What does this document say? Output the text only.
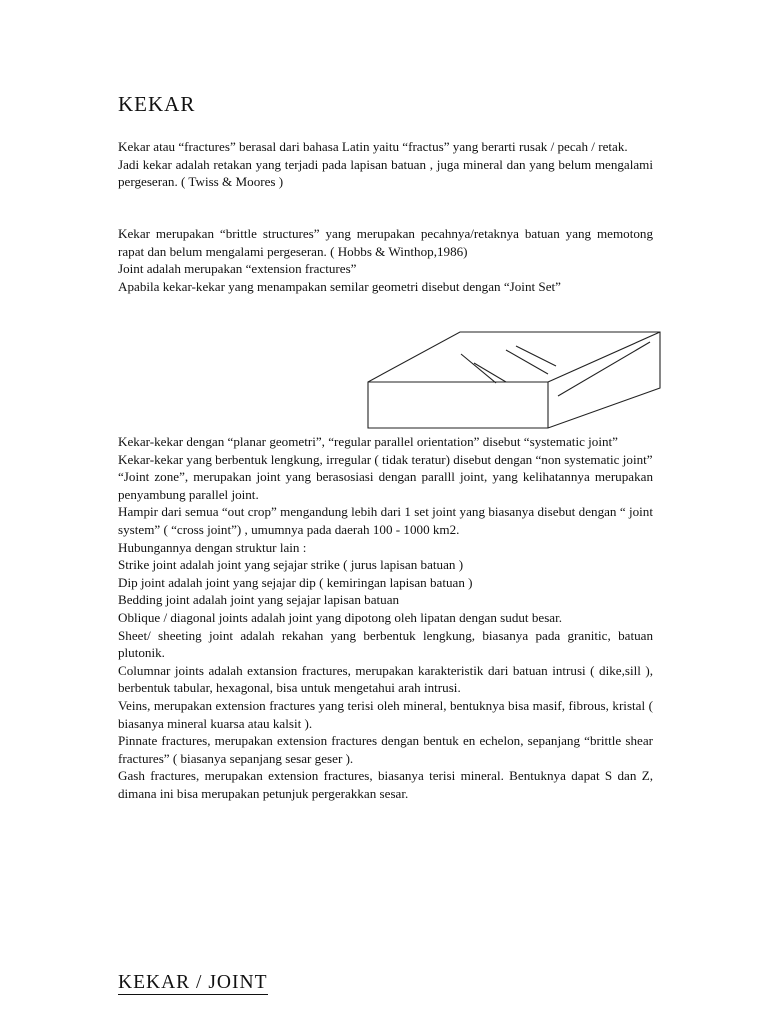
KEKAR

Kekar atau “fractures” berasal dari bahasa Latin yaitu “fractus” yang berarti rusak / pecah / retak.

Jadi kekar adalah retakan yang terjadi pada lapisan batuan , juga mineral dan yang belum mengalami pergeseran. ( Twiss & Moores )

Kekar merupakan “brittle structures” yang merupakan pecahnya/retaknya batuan yang memotong rapat dan belum mengalami pergeseran. ( Hobbs & Winthop,1986)

Joint adalah merupakan “extension fractures”

Apabila kekar-kekar yang menampakan semilar geometri disebut dengan “Joint Set”

Kekar-kekar dengan “planar geometri”, “regular parallel orientation” disebut “systematic joint”

Kekar-kekar yang berbentuk lengkung, irregular ( tidak teratur) disebut dengan “non systematic joint”

“Joint zone”, merupakan joint yang berasosiasi dengan paralll joint, yang kelihatannya merupakan penyambung parallel joint.

Hampir dari semua “out crop” mengandung lebih dari 1 set joint yang biasanya disebut dengan “ joint system” ( “cross joint”) , umumnya pada daerah 100 - 1000 km2.

Hubungannya dengan struktur lain :

Strike joint adalah joint yang sejajar strike ( jurus lapisan batuan )

Dip joint adalah joint yang sejajar dip ( kemiringan lapisan batuan )

Bedding joint adalah joint yang sejajar lapisan batuan

Oblique / diagonal joints adalah joint yang dipotong oleh lipatan dengan sudut besar.

Sheet/ sheeting joint adalah rekahan yang berbentuk lengkung, biasanya pada granitic, batuan plutonik.

Columnar joints adalah extansion fractures, merupakan karakteristik dari batuan intrusi ( dike,sill ), berbentuk tabular, hexagonal, bisa untuk mengetahui arah intrusi.

Veins, merupakan extension fractures yang terisi oleh mineral, bentuknya bisa masif, fibrous, kristal ( biasanya mineral kuarsa atau kalsit ).

Pinnate fractures, merupakan extension fractures dengan bentuk en echelon, sepanjang “brittle shear fractures” ( biasanya sepanjang sesar geser ).

Gash fractures, merupakan extension fractures, biasanya terisi mineral. Bentuknya dapat S dan Z, dimana ini bisa merupakan petunjuk pergerakkan sesar.

KEKAR / JOINT
